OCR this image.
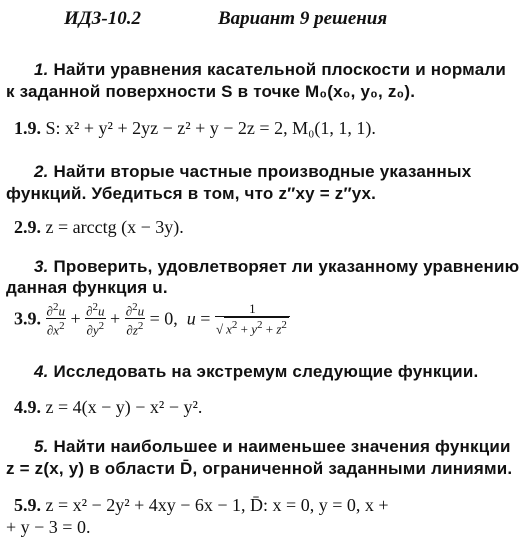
ИДЗ-10.2	Вариант 9 решения
1. Найти уравнения касательной плоскости и нормали
к заданной поверхности S в точке M₀(x₀, y₀, z₀).
1.9. S: x² + y² + 2yz − z² + y − 2z = 2, M₀(1, 1, 1).
2. Найти вторые частные производные указанных
функций. Убедиться в том, что z″xy = z″yx.
2.9. z = arcctg (x − 3y).
3. Проверить, удовлетворяет ли указанному уравнению
данная функция u.
3.9. $\frac{\partial^2u}{\partial x^2} + \frac{\partial^2u}{\partial y^2} + \frac{\partial^2u}{\partial z^2} = 0$,  $u = \frac{1}{√ x^2 + y^2 + z^2}$
4. Исследовать на экстремум следующие функции.
4.9. z = 4(x − y) − x² − y².
5. Найти наибольшее и наименьшее значения функции
z = z(x, y) в области D̄, ограниченной заданными линиями.
5.9. z = x² − 2y² + 4xy − 6x − 1, D̄: x = 0, y = 0, x +
+ y − 3 = 0.
